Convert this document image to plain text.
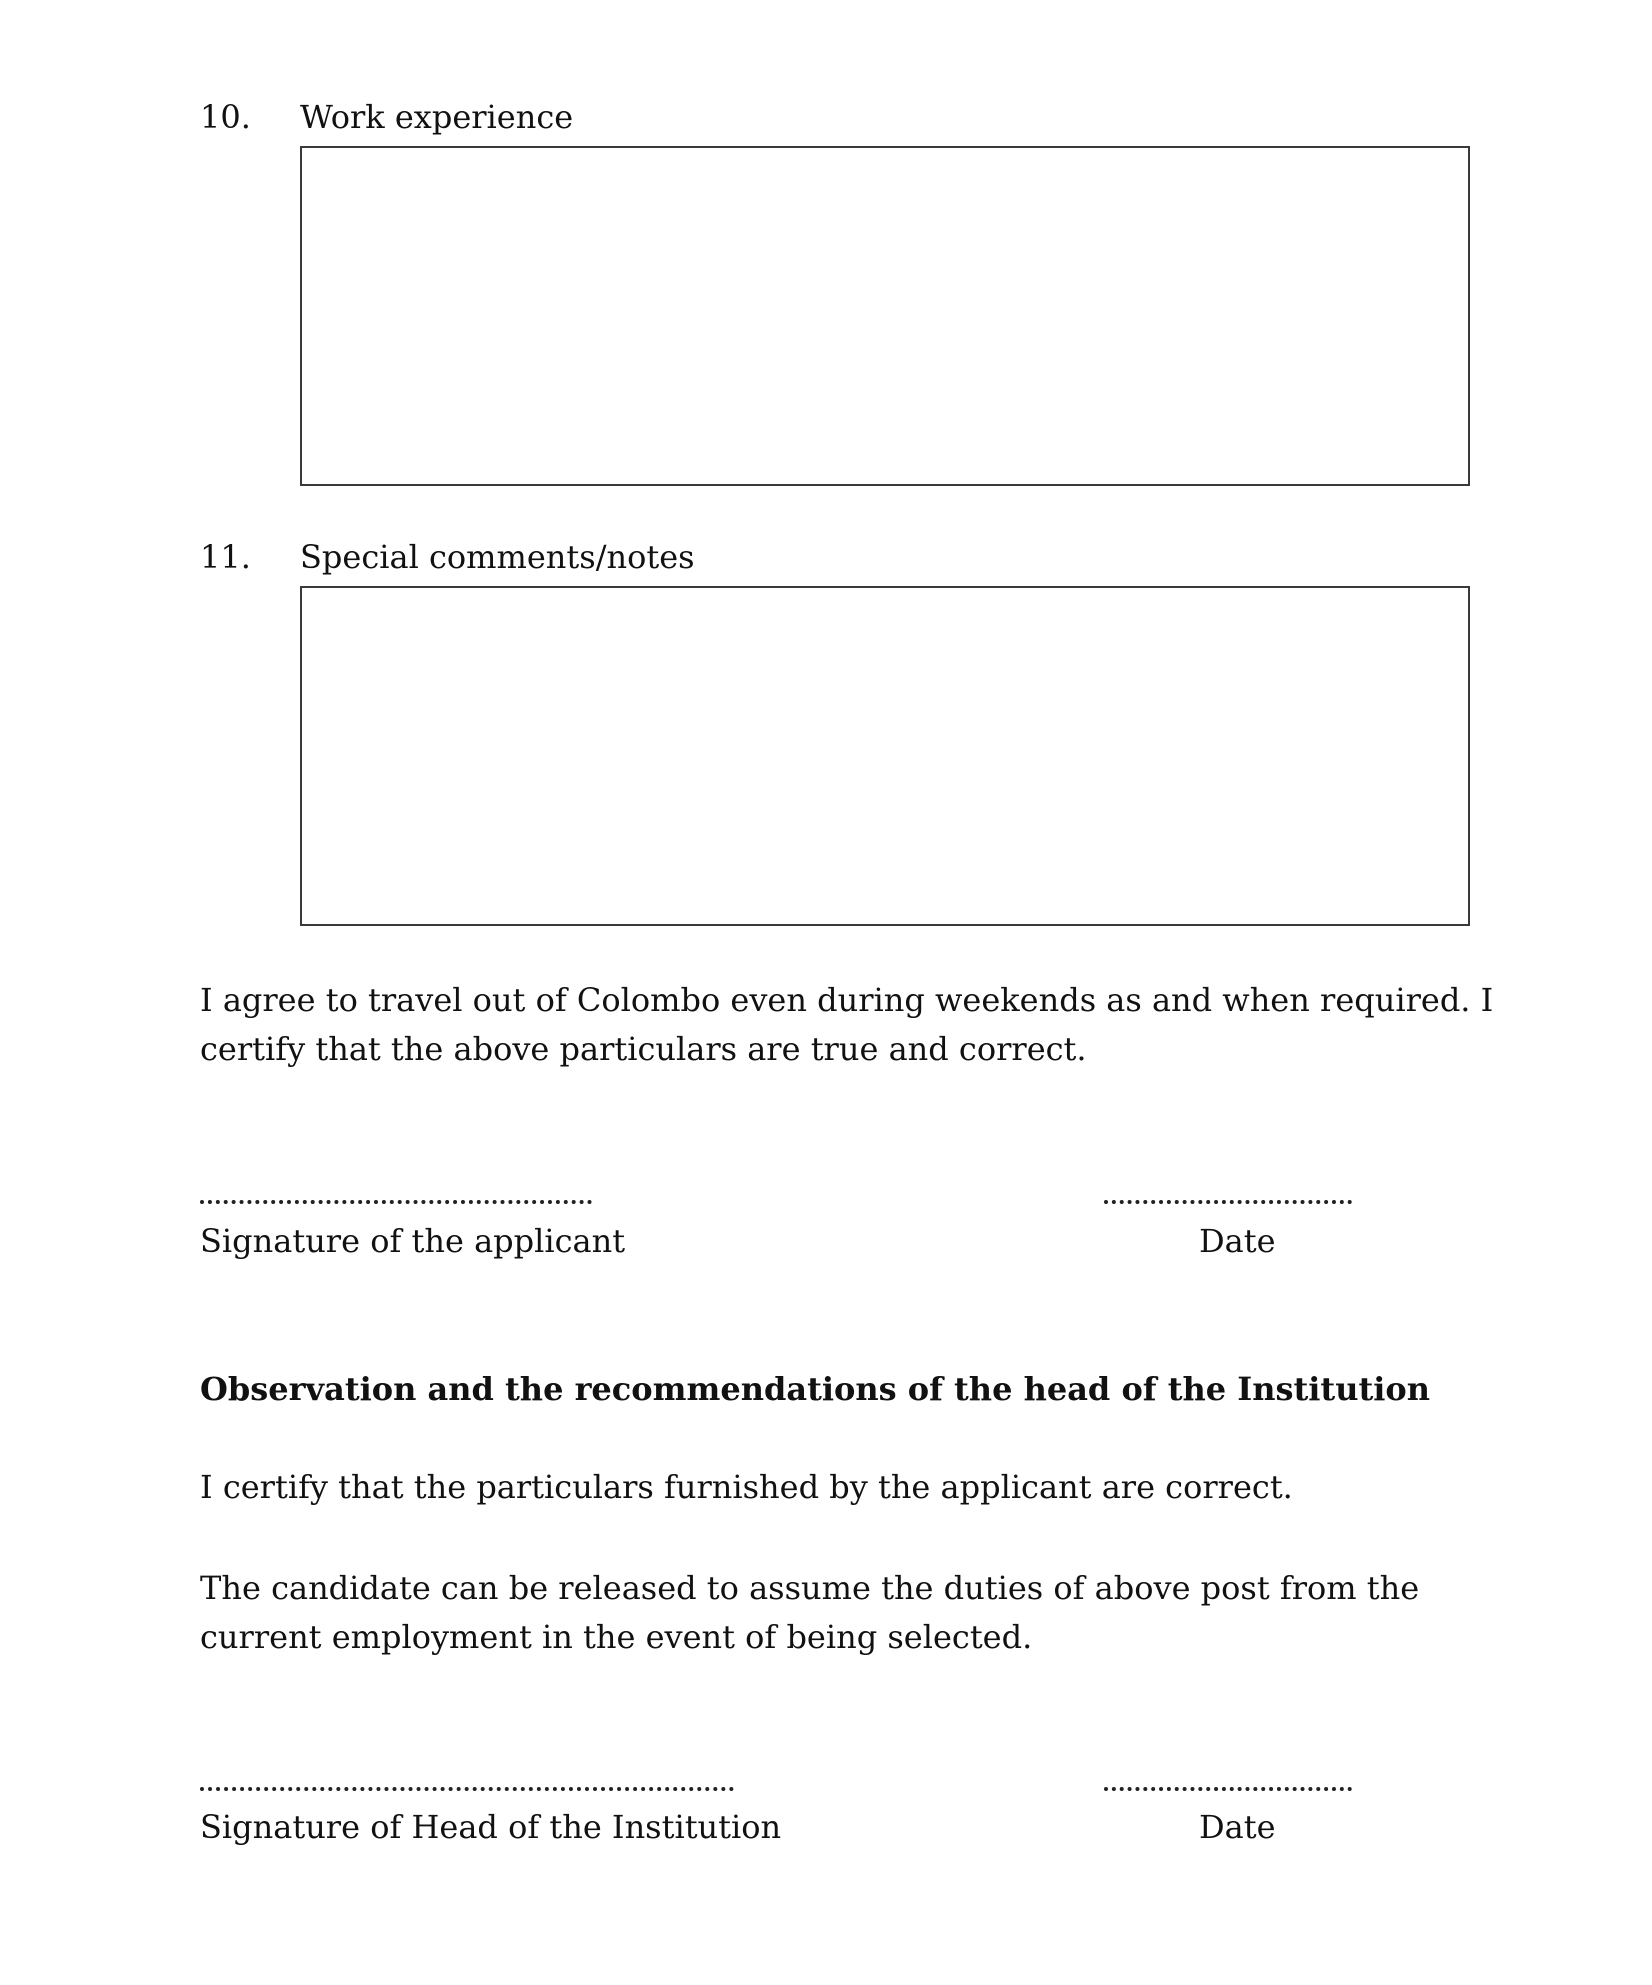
10. Work experience
11. Special comments/notes
I agree to travel out of Colombo even during weekends as and when required. I
certify that the above particulars are true and correct.
Signature of the applicant	Date
Observation and the recommendations of the head of the Institution
I certify that the particulars furnished by the applicant are correct.
The candidate can be released to assume the duties of above post from the
current employment in the event of being selected.
Signature of Head of the Institution	Date
